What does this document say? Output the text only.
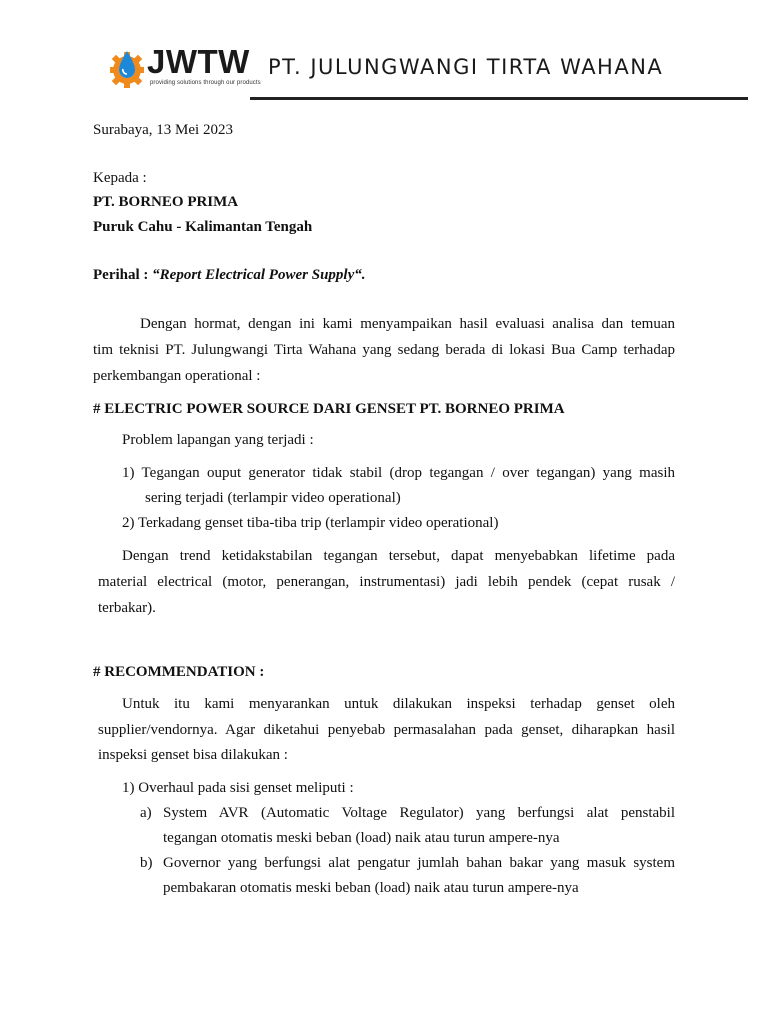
JWTW
providing solutions through our products
PT. JULUNGWANGI TIRTA WAHANA
Surabaya, 13 Mei 2023
Kepada :
PT. BORNEO PRIMA
Puruk Cahu - Kalimantan Tengah
Perihal : “Report Electrical Power Supply“.
Dengan hormat, dengan ini kami menyampaikan hasil evaluasi analisa dan temuan
tim teknisi PT. Julungwangi Tirta Wahana yang sedang berada di lokasi Bua Camp terhadap
perkembangan operational :
# ELECTRIC POWER SOURCE DARI GENSET PT. BORNEO PRIMA
Problem lapangan yang terjadi :
1) Tegangan ouput generator tidak stabil (drop tegangan / over tegangan) yang masih
sering terjadi (terlampir video operational)
2) Terkadang genset tiba-tiba trip (terlampir video operational)
Dengan trend ketidakstabilan tegangan tersebut, dapat menyebabkan lifetime pada
material electrical (motor, penerangan, instrumentasi) jadi lebih pendek (cepat rusak /
terbakar).
# RECOMMENDATION :
Untuk itu kami menyarankan untuk dilakukan inspeksi terhadap genset oleh
supplier/vendornya. Agar diketahui penyebab permasalahan pada genset, diharapkan hasil
inspeksi genset bisa dilakukan :
1) Overhaul pada sisi genset meliputi :
a) System AVR (Automatic Voltage Regulator) yang berfungsi alat penstabil
tegangan otomatis meski beban (load) naik atau turun ampere-nya
b) Governor yang berfungsi alat pengatur jumlah bahan bakar yang masuk system
pembakaran otomatis meski beban (load) naik atau turun ampere-nya
